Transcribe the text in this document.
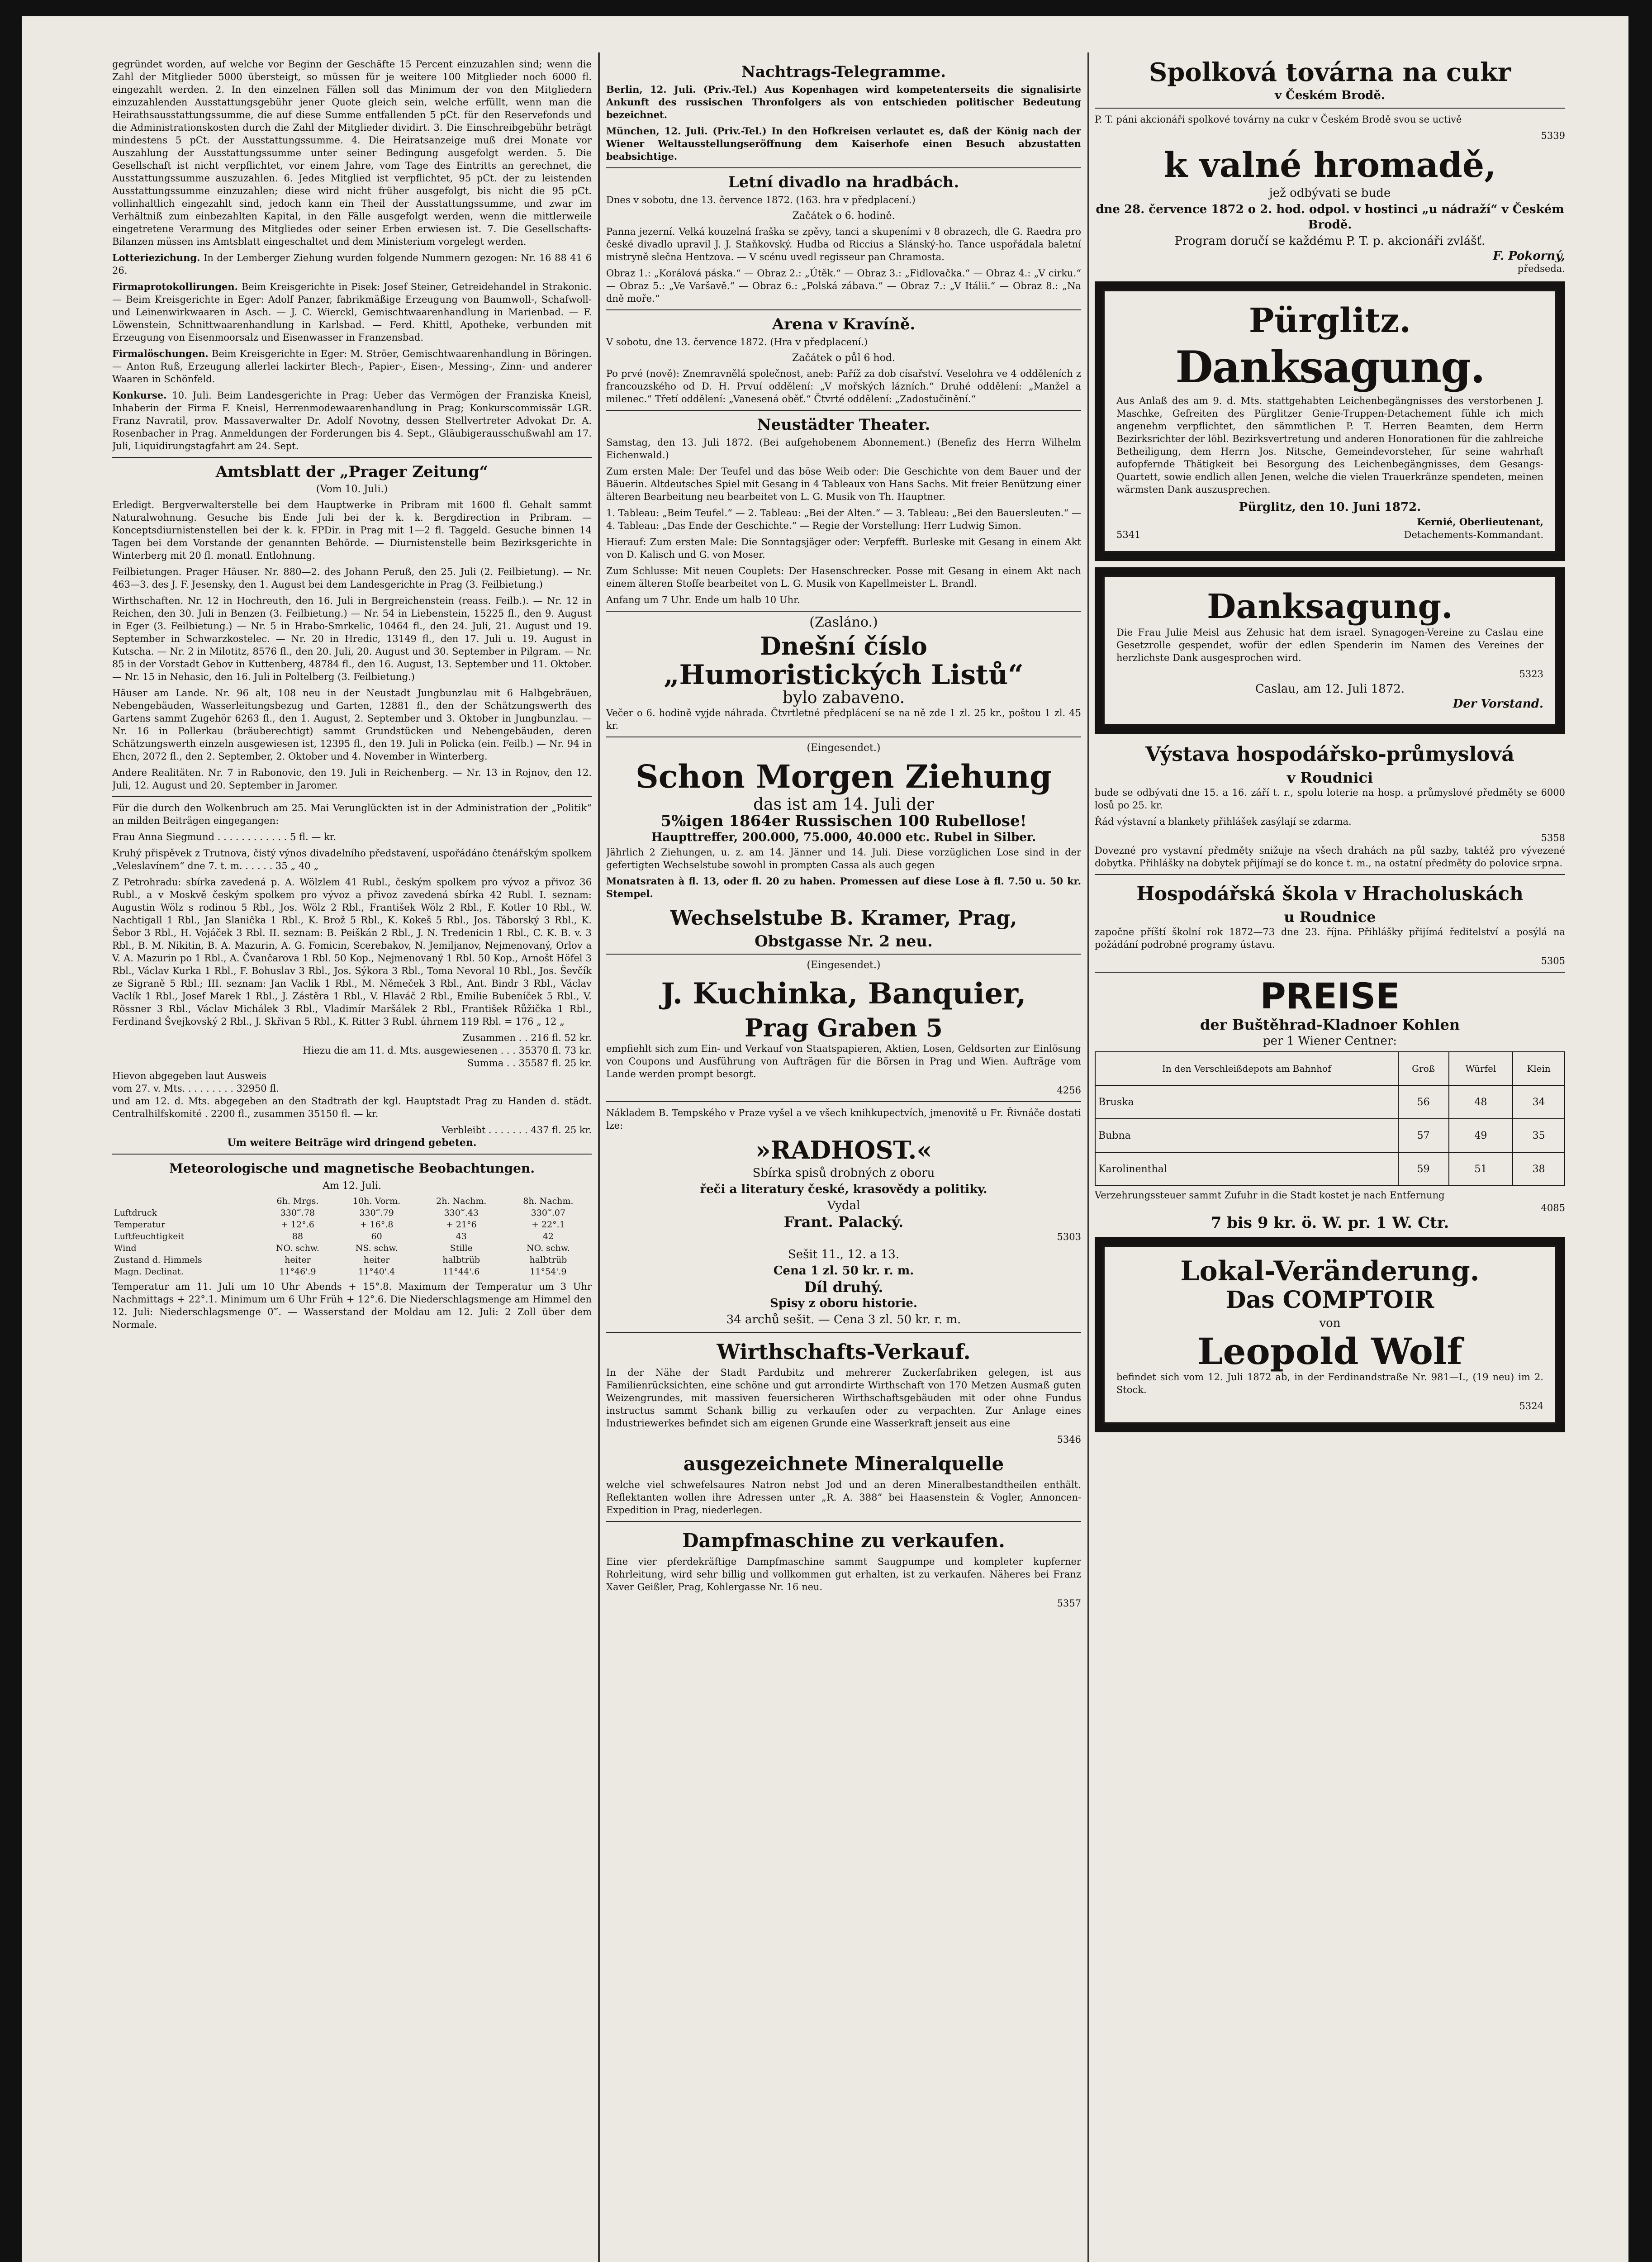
gegründet worden, auf welche vor Beginn der Geschäfte 15 Percent einzuzahlen sind; wenn die Zahl der Mitglieder 5000 übersteigt, so müssen für je weitere 100 Mitglieder noch 6000 fl. eingezahlt werden. 2. In den einzelnen Fällen soll das Minimum der von den Mitgliedern einzuzahlenden Ausstattungsgebühr jener Quote gleich sein, welche erfüllt, wenn man die Heirathsausstattungssumme, die auf diese Summe entfallenden 5 pCt. für den Reservefonds und die Administrationskosten durch die Zahl der Mitglieder dividirt. 3. Die Einschreibgebühr beträgt mindestens 5 pCt. der Ausstattungssumme. 4. Die Heiratsanzeige muß drei Monate vor Auszahlung der Ausstattungssumme unter seiner Bedingung ausgefolgt werden. 5. Die Gesellschaft ist nicht verpflichtet, vor einem Jahre, vom Tage des Eintritts an gerechnet, die Ausstattungssumme auszuzahlen. 6. Jedes Mitglied ist verpflichtet, 95 pCt. der zu leistenden Ausstattungssumme einzuzahlen; diese wird nicht früher ausgefolgt, bis nicht die 95 pCt. vollinhaltlich eingezahlt sind, jedoch kann ein Theil der Ausstattungssumme, und zwar im Verhältniß zum einbezahlten Kapital, in den Fälle ausgefolgt werden, wenn die mittlerweile eingetretene Verarmung des Mitgliedes oder seiner Erben erwiesen ist. 7. Die Gesellschafts-Bilanzen müssen ins Amtsblatt eingeschaltet und dem Ministerium vorgelegt werden.

Lotteriezichung. In der Lemberger Ziehung wurden folgende Nummern gezogen: Nr. 16 88 41 6 26.

Firmaprotokollirungen. Beim Kreisgerichte in Pisek: Josef Steiner, Getreidehandel in Strakonic. — Beim Kreisgerichte in Eger: Adolf Panzer, fabrikmäßige Erzeugung von Baumwoll-, Schafwoll- und Leinenwirkwaaren in Asch. — J. C. Wierckl, Gemischtwaarenhandlung in Marienbad. — F. Löwenstein, Schnittwaarenhandlung in Karlsbad. — Ferd. Khittl, Apotheke, verbunden mit Erzeugung von Eisenmoorsalz und Eisenwasser in Franzensbad.

Firmalöschungen. Beim Kreisgerichte in Eger: M. Ströer, Gemischtwaarenhandlung in Böringen. — Anton Ruß, Erzeugung allerlei lackirter Blech-, Papier-, Eisen-, Messing-, Zinn- und anderer Waaren in Schönfeld.

Konkurse. 10. Juli. Beim Landesgerichte in Prag: Ueber das Vermögen der Franziska Kneisl, Inhaberin der Firma F. Kneisl, Herrenmodewaarenhandlung in Prag; Konkurscommissär LGR. Franz Navratil, prov. Massaverwalter Dr. Adolf Novotny, dessen Stellvertreter Advokat Dr. A. Rosenbacher in Prag. Anmeldungen der Forderungen bis 4. Sept., Gläubigerausschußwahl am 17. Juli, Liquidirungstagfahrt am 24. Sept.

Amtsblatt der „Prager Zeitung“
(Vom 10. Juli.)

Erledigt. Bergverwalterstelle bei dem Hauptwerke in Pribram mit 1600 fl. Gehalt sammt Naturalwohnung. Gesuche bis Ende Juli bei der k. k. Bergdirection in Pribram. — Konceptsdiurnistenstellen bei der k. k. FPDir. in Prag mit 1—2 fl. Taggeld. Gesuche binnen 14 Tagen bei dem Vorstande der genannten Behörde. — Diurnistenstelle beim Bezirksgerichte in Winterberg mit 20 fl. monatl. Entlohnung.

Feilbietungen. Prager Häuser. Nr. 880—2. des Johann Peruß, den 25. Juli (2. Feilbietung). — Nr. 463—3. des J. F. Jesensky, den 1. August bei dem Landesgerichte in Prag (3. Feilbietung.)

Wirthschaften. Nr. 12 in Hochreuth, den 16. Juli in Bergreichenstein (reass. Feilb.). — Nr. 12 in Reichen, den 30. Juli in Benzen (3. Feilbietung.) — Nr. 54 in Liebenstein, 15225 fl., den 9. August in Eger (3. Feilbietung.) — Nr. 5 in Hrabo-Smrkelic, 10464 fl., den 24. Juli, 21. August und 19. September in Schwarzkostelec. — Nr. 20 in Hredic, 13149 fl., den 17. Juli u. 19. August in Kutscha. — Nr. 2 in Milotitz, 8576 fl., den 20. Juli, 20. August und 30. September in Pilgram. — Nr. 85 in der Vorstadt Gebov in Kuttenberg, 48784 fl., den 16. August, 13. September und 11. Oktober. — Nr. 15 in Nehasic, den 16. Juli in Poltelberg (3. Feilbietung.)

Häuser am Lande. Nr. 96 alt, 108 neu in der Neustadt Jungbunzlau mit 6 Halbgebräuen, Nebengebäuden, Wasserleitungsbezug und Garten, 12881 fl., den der Schätzungswerth des Gartens sammt Zugehör 6263 fl., den 1. August, 2. September und 3. Oktober in Jungbunzlau. — Nr. 16 in Pollerkau (bräuberechtigt) sammt Grundstücken und Nebengebäuden, deren Schätzungswerth einzeln ausgewiesen ist, 12395 fl., den 19. Juli in Policka (ein. Feilb.) — Nr. 94 in Ehcn, 2072 fl., den 2. September, 2. Oktober und 4. November in Winterberg.

Andere Realitäten. Nr. 7 in Rabonovic, den 19. Juli in Reichenberg. — Nr. 13 in Rojnov, den 12. Juli, 12. August und 20. September in Jaromer.

Für die durch den Wolkenbruch am 25. Mai Verunglückten ist in der Administration der „Politik“ an milden Beiträgen eingegangen:

Frau Anna Siegmund . . . . . . . . . . . . 5 fl. — kr.

Kruhý přispěvek z Trutnova, čistý výnos divadelního představení, uspořádáno čtenářským spolkem „Veleslavínem“ dne 7. t. m. . . . . . 35 „ 40 „

Z Petrohradu: sbírka zavedená p. A. Wölzlem 41 Rubl., českým spolkem pro vývoz a přivoz 36 Rubl., a v Moskvě českým spolkem pro vývoz a přivoz zavedená sbírka 42 Rubl. I. seznam: Augustin Wölz s rodinou 5 Rbl., Jos. Wölz 2 Rbl., František Wölz 2 Rbl., F. Kotler 10 Rbl., W. Nachtigall 1 Rbl., Jan Slanička 1 Rbl., K. Brož 5 Rbl., K. Kokeš 5 Rbl., Jos. Táborský 3 Rbl., K. Šebor 3 Rbl., H. Vojáček 3 Rbl. II. seznam: B. Peiškán 2 Rbl., J. N. Tredenicin 1 Rbl., C. K. B. v. 3 Rbl., B. M. Nikitin, B. A. Mazurin, A. G. Fomicin, Scerebakov, N. Jemiljanov, Nejmenovaný, Orlov a V. A. Mazurin po 1 Rbl., A. Čvančarova 1 Rbl. 50 Kop., Nejmenovaný 1 Rbl. 50 Kop., Arnošt Höfel 3 Rbl., Václav Kurka 1 Rbl., F. Bohuslav 3 Rbl., Jos. Sýkora 3 Rbl., Toma Nevoral 10 Rbl., Jos. Ševčík ze Sigraně 5 Rbl.; III. seznam: Jan Vaclik 1 Rbl., M. Němeček 3 Rbl., Ant. Bindr 3 Rbl., Václav Vaclík 1 Rbl., Josef Marek 1 Rbl., J. Zástěra 1 Rbl., V. Hlaváč 2 Rbl., Emilie Bubeníček 5 Rbl., V. Rössner 3 Rbl., Václav Michálek 3 Rbl., Vladimír Maršálek 2 Rbl., František Růžička 1 Rbl., Ferdinand Švejkovský 2 Rbl., J. Skřivan 5 Rbl., K. Ritter 3 Rubl. úhrnem 119 Rbl. = 176 „ 12 „

Zusammen . . 216 fl. 52 kr.

Hiezu die am 11. d. Mts. ausgewiesenen . . . 35370 fl. 73 kr.

Summa . . 35587 fl. 25 kr.

Hievon abgegeben laut Ausweis

vom 27. v. Mts. . . . . . . . . 32950 fl.

und am 12. d. Mts. abgegeben an den Stadtrath der kgl. Hauptstadt Prag zu Handen d. städt. Centralhilfskomité . 2200 fl., zusammen 35150 fl. — kr.

Verbleibt . . . . . . . 437 fl. 25 kr.

Um weitere Beiträge wird dringend gebeten.
Meteorologische und magnetische Beobachtungen.
Am 12. Juli.
	6h. Mrgs.	10h. Vorm.	2h. Nachm.	8h. Nachm.
Luftdruck	330‴.78	330‴.79	330‴.43	330‴.07
Temperatur	+ 12°.6	+ 16°.8	+ 21°6	+ 22°.1
Luftfeuchtigkeit	88	60	43	42
Wind	NO. schw.	NS. schw.	Stille	NO. schw.
Zustand d. Himmels	heiter	heiter	halbtrüb	halbtrüb
Magn. Declinat.	11°46'.9	11°40'.4	11°44'.6	11°54'.9

Temperatur am 11. Juli um 10 Uhr Abends + 15°.8. Maximum der Temperatur um 3 Uhr Nachmittags + 22°.1. Minimum um 6 Uhr Früh + 12°.6. Die Niederschlagsmenge am Himmel den 12. Juli: Niederschlagsmenge 0‴. — Wasserstand der Moldau am 12. Juli: 2 Zoll über dem Normale.

Nachtrags-Telegramme.

Berlin, 12. Juli. (Priv.-Tel.) Aus Kopenhagen wird kompetenterseits die signalisirte Ankunft des russischen Thronfolgers als von entschieden politischer Bedeutung bezeichnet.

München, 12. Juli. (Priv.-Tel.) In den Hofkreisen verlautet es, daß der König nach der Wiener Weltausstellungseröffnung dem Kaiserhofe einen Besuch abzustatten beabsichtige.

Letní divadlo na hradbách.

Dnes v sobotu, dne 13. července 1872. (163. hra v předplacení.)

Začátek o 6. hodině.

Panna jezerní. Velká kouzelná fraška se zpěvy, tanci a skupeními v 8 obrazech, dle G. Raedra pro české divadlo upravil J. J. Staňkovský. Hudba od Riccius a Slánský-ho. Tance uspořádala baletní mistryně slečna Hentzova. — V scénu uvedl regisseur pan Chramosta.

Obraz 1.: „Korálová páska.“ — Obraz 2.: „Útěk.“ — Obraz 3.: „Fidlovačka.“ — Obraz 4.: „V cirku.“ — Obraz 5.: „Ve Varšavě.“ — Obraz 6.: „Polská zábava.“ — Obraz 7.: „V Itálii.“ — Obraz 8.: „Na dně moře.“

Arena v Kravíně.

V sobotu, dne 13. července 1872. (Hra v předplacení.)

Začátek o půl 6 hod.

Po prvé (nově): Znemravnělá společnost, aneb: Paříž za dob císařství. Veselohra ve 4 odděleních z francouzského od D. H. Prvuí oddělení: „V mořských lázních.“ Druhé oddělení: „Manžel a milenec.“ Třetí oddělení: „Vanesená oběť.“ Čtvrté oddělení: „Zadostučinění.“

Neustädter Theater.

Samstag, den 13. Juli 1872. (Bei aufgehobenem Abonnement.) (Benefiz des Herrn Wilhelm Eichenwald.)

Zum ersten Male: Der Teufel und das böse Weib oder: Die Geschichte von dem Bauer und der Bäuerin. Altdeutsches Spiel mit Gesang in 4 Tableaux von Hans Sachs. Mit freier Benützung einer älteren Bearbeitung neu bearbeitet von L. G. Musik von Th. Hauptner.

1. Tableau: „Beim Teufel.“ — 2. Tableau: „Bei der Alten.“ — 3. Tableau: „Bei den Bauersleuten.“ — 4. Tableau: „Das Ende der Geschichte.“ — Regie der Vorstellung: Herr Ludwig Simon.

Hierauf: Zum ersten Male: Die Sonntagsjäger oder: Verpfefft. Burleske mit Gesang in einem Akt von D. Kalisch und G. von Moser.

Zum Schlusse: Mit neuen Couplets: Der Hasenschrecker. Posse mit Gesang in einem Akt nach einem älteren Stoffe bearbeitet von L. G. Musik von Kapellmeister L. Brandl.

Anfang um 7 Uhr. Ende um halb 10 Uhr.

(Zasláno.)
Dnešní číslo
„Humoristických Listů“
bylo zabaveno.

Večer o 6. hodině vyjde náhrada. Čtvrtletné předplácení se na ně zde 1 zl. 25 kr., poštou 1 zl. 45 kr.

(Eingesendet.)
Schon Morgen Ziehung
das ist am 14. Juli der
5%igen 1864er Russischen 100 Rubellose!
Haupttreffer, 200.000, 75.000, 40.000 etc. Rubel in Silber.

Jährlich 2 Ziehungen, u. z. am 14. Jänner und 14. Juli. Diese vorzüglichen Lose sind in der gefertigten Wechselstube sowohl in prompten Cassa als auch gegen

Monatsraten à fl. 13, oder fl. 20 zu haben. Promessen auf diese Lose à fl. 7.50 u. 50 kr. Stempel.

Wechselstube B. Kramer, Prag,
Obstgasse Nr. 2 neu.
(Eingesendet.)
J. Kuchinka, Banquier,
Prag Graben 5

empfiehlt sich zum Ein- und Verkauf von Staatspapieren, Aktien, Losen, Geldsorten zur Einlösung von Coupons und Ausführung von Aufträgen für die Börsen in Prag und Wien. Aufträge vom Lande werden prompt besorgt.

4256

Nákladem B. Tempského v Praze vyšel a ve všech knihkupectvích, jmenovitě u Fr. Řivnáče dostati lze:

»RADHOST.«
Sbírka spisů drobných z oboru
řeči a literatury české, krasovědy a politiky.
Vydal
Frant. Palacký.

5303

Sešit 11., 12. a 13.
Cena 1 zl. 50 kr. r. m.
Díl druhý.
Spisy z oboru historie.
34 archů sešit. — Cena 3 zl. 50 kr. r. m.
Wirthschafts-Verkauf.

In der Nähe der Stadt Pardubitz und mehrerer Zuckerfabriken gelegen, ist aus Familienrücksichten, eine schöne und gut arrondirte Wirthschaft von 170 Metzen Ausmaß guten Weizengrundes, mit massiven feuersicheren Wirthschaftsgebäuden mit oder ohne Fundus instructus sammt Schank billig zu verkaufen oder zu verpachten. Zur Anlage eines Industriewerkes befindet sich am eigenen Grunde eine Wasserkraft jenseit aus eine

5346

ausgezeichnete Mineralquelle

welche viel schwefelsaures Natron nebst Jod und an deren Mineralbestandtheilen enthält. Reflektanten wollen ihre Adressen unter „R. A. 388“ bei Haasenstein & Vogler, Annoncen-Expedition in Prag, niederlegen.

Dampfmaschine zu verkaufen.

Eine vier pferdekräftige Dampfmaschine sammt Saugpumpe und kompleter kupferner Rohrleitung, wird sehr billig und vollkommen gut erhalten, ist zu verkaufen. Näheres bei Franz Xaver Geißler, Prag, Kohlergasse Nr. 16 neu.

5357

Spolková továrna na cukr
v Českém Brodě.

P. T. páni akcionáři spolkové továrny na cukr v Českém Brodě svou se uctivě

5339

k valné hromadě,
jež odbývati se bude
dne 28. července 1872 o 2. hod. odpol. v hostinci „u nádraží“ v Českém Brodě.
Program doručí se každému P. T. p. akcionáři zvlášť.

F. Pokorný,

předseda.

Pürglitz.
Danksagung.

Aus Anlaß des am 9. d. Mts. stattgehabten Leichenbegängnisses des verstorbenen J. Maschke, Gefreiten des Pürglitzer Genie-Truppen-Detachement fühle ich mich angenehm verpflichtet, den sämmtlichen P. T. Herren Beamten, dem Herrn Bezirksrichter der löbl. Bezirksvertretung und anderen Honorationen für die zahlreiche Betheiligung, dem Herrn Jos. Nitsche, Gemeindevorsteher, für seine wahrhaft aufopfernde Thätigkeit bei Besorgung des Leichenbegängnisses, dem Gesangs-Quartett, sowie endlich allen Jenen, welche die vielen Trauerkränze spendeten, meinen wärmsten Dank auszusprechen.

Pürglitz, den 10. Juni 1872.

Kernié, Oberlieutenant,

5341	Detachements-Kommandant.

Danksagung.

Die Frau Julie Meisl aus Zehusic hat dem israel. Synagogen-Vereine zu Caslau eine Gesetzrolle gespendet, wofür der edlen Spenderin im Namen des Vereines der herzlichste Dank ausgesprochen wird.

5323

Caslau, am 12. Juli 1872.

Der Vorstand.

Výstava hospodářsko-průmyslová
v Roudnici

bude se odbývati dne 15. a 16. září t. r., spolu loterie na hosp. a průmyslové předměty se 6000 losů po 25. kr.

Řád výstavní a blankety přihlášek zasýlají se zdarma.

5358

Dovezné pro vystavní předměty snižuje na všech drahách na půl sazby, taktéž pro vývezené dobytka. Přihlášky na dobytek přijímají se do konce t. m., na ostatní předměty do polovice srpna.

Hospodářská škola v Hracholuskách
u Roudnice

započne příští školní rok 1872—73 dne 23. října. Přihlášky přijímá ředitelství a posýlá na požádání podrobné programy ústavu.

5305

PREISE
der Buštěhrad-Kladnoer Kohlen
per 1 Wiener Centner:
In den Verschleißdepots am Bahnhof	Groß	Würfel	Klein
Bruska	56	48	34
Bubna	57	49	35
Karolinenthal	59	51	38

Verzehrungssteuer sammt Zufuhr in die Stadt kostet je nach Entfernung

4085

7 bis 9 kr. ö. W. pr. 1 W. Ctr.
Lokal-Veränderung.
Das COMPTOIR
von
Leopold Wolf

befindet sich vom 12. Juli 1872 ab, in der Ferdinandstraße Nr. 981—I., (19 neu) im 2. Stock.

5324
